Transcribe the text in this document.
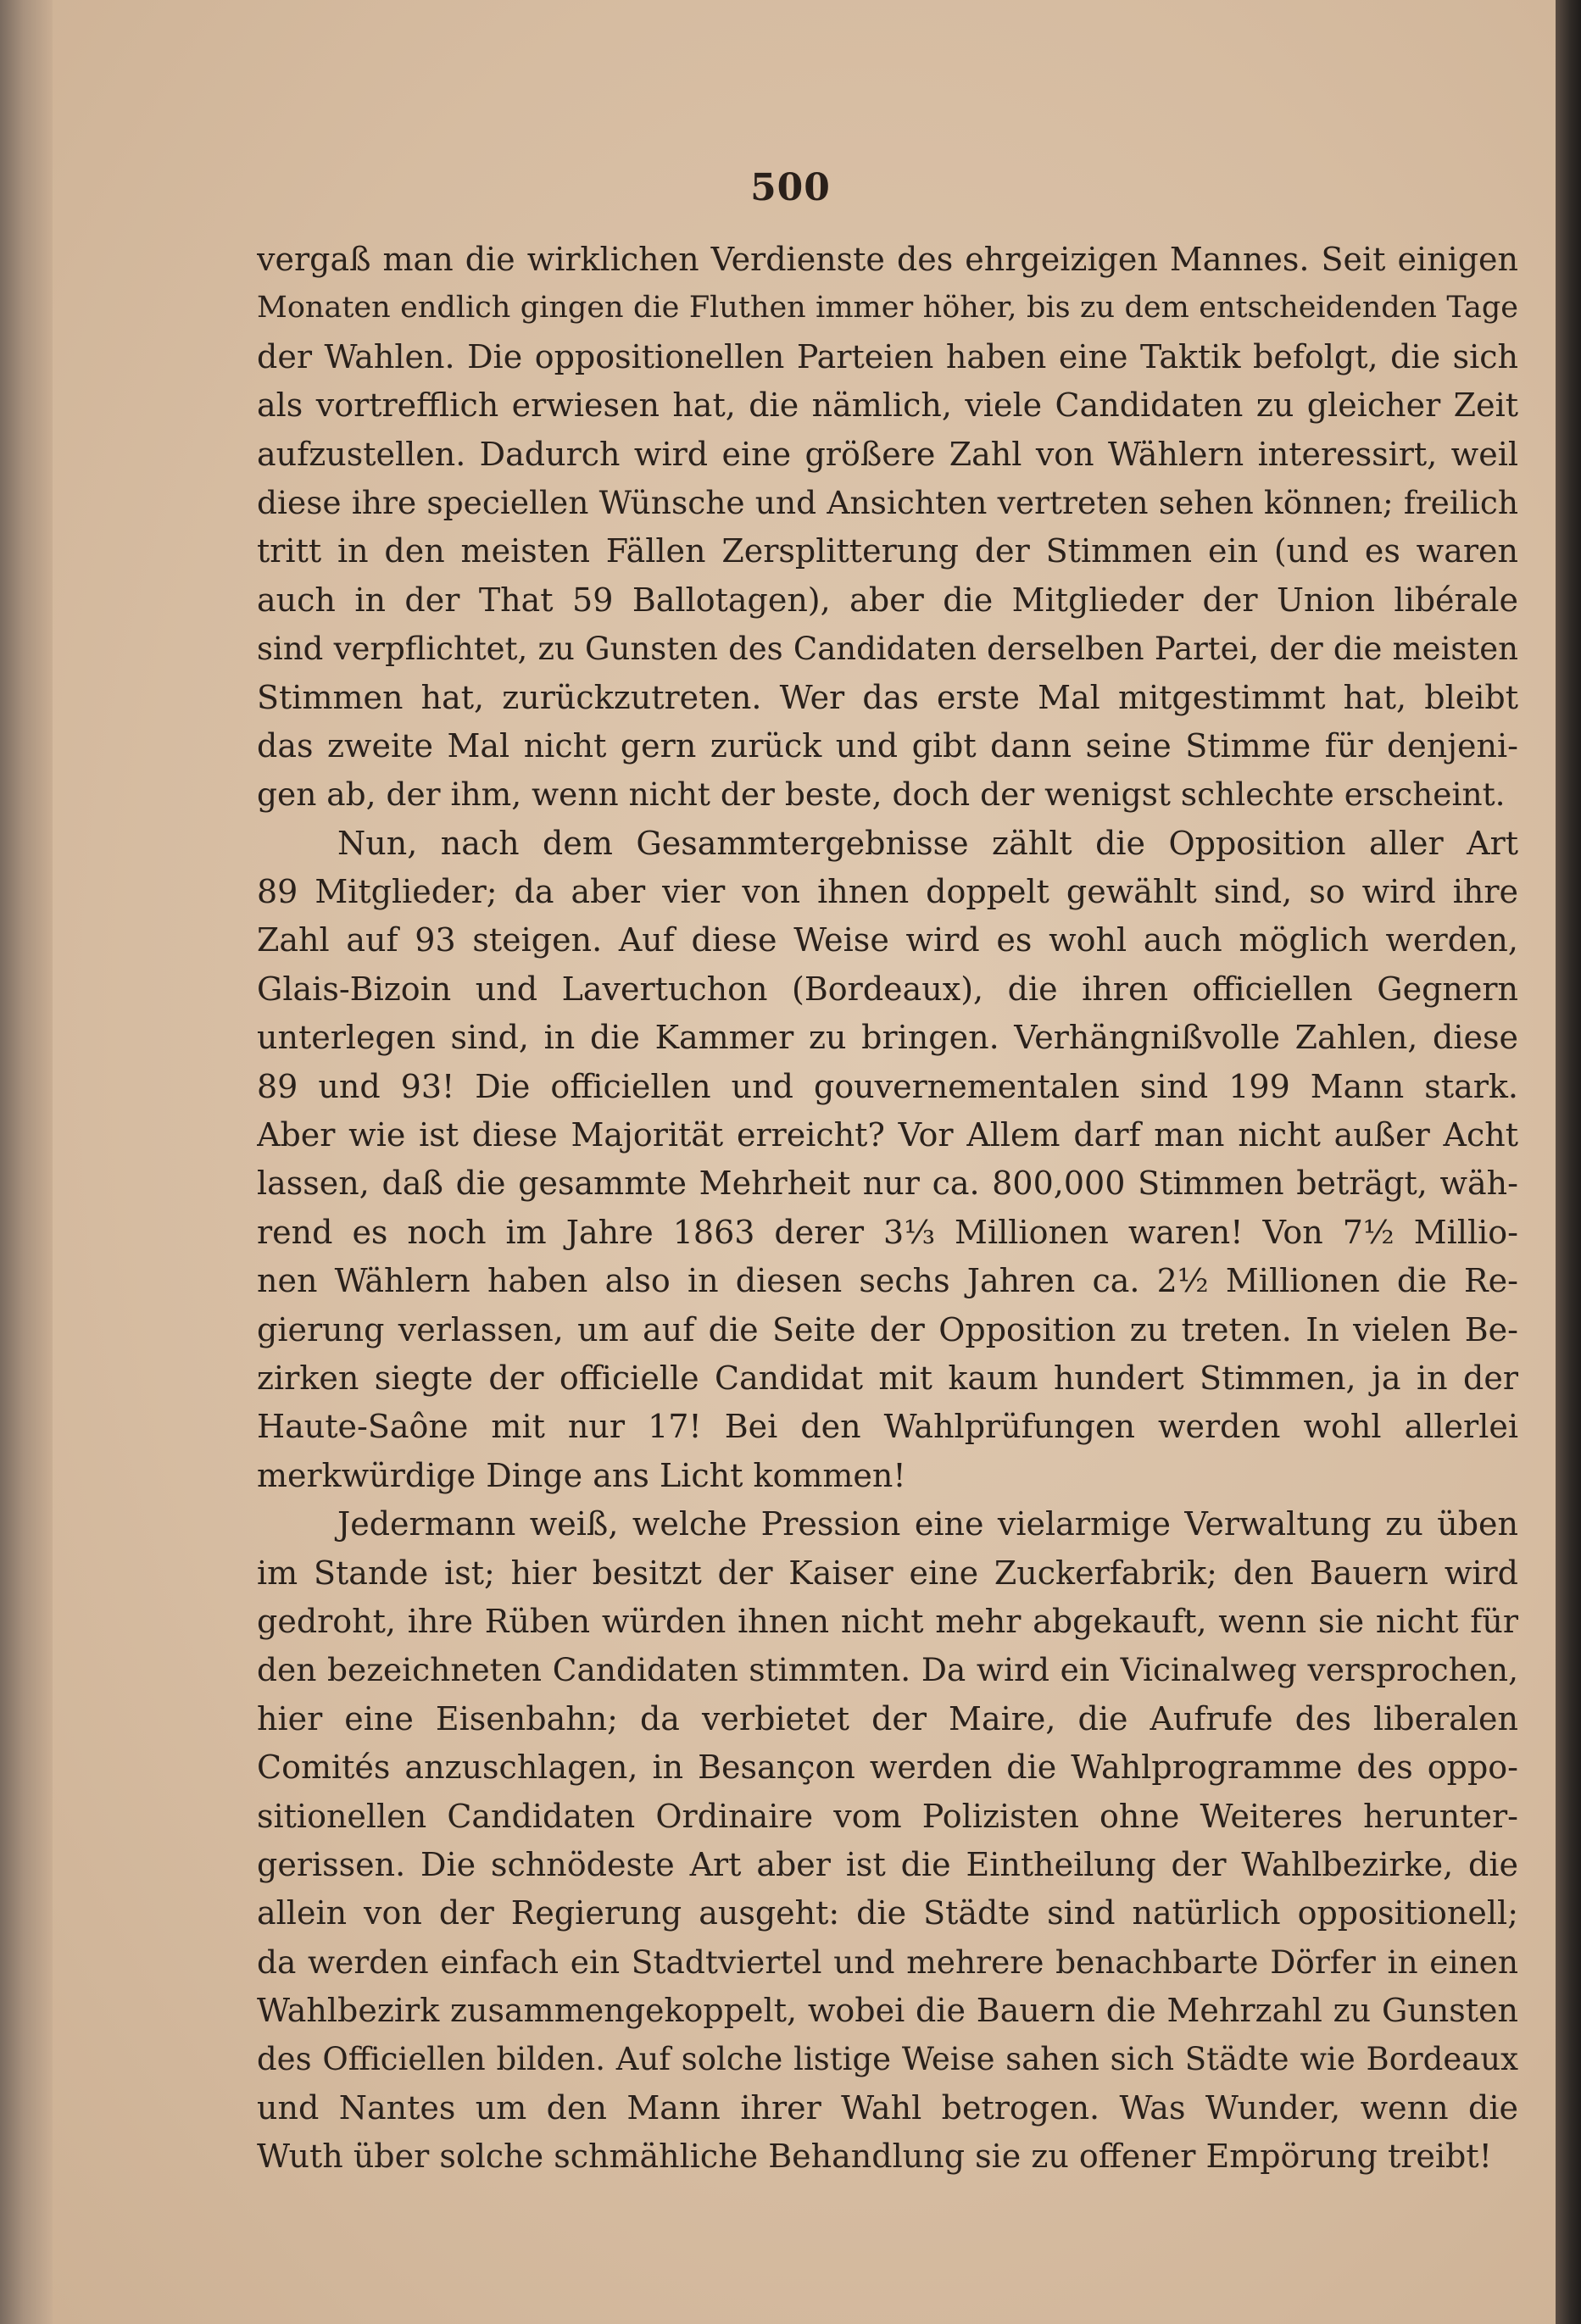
500
vergaß man die wirklichen Verdienste des ehrgeizigen Mannes. Seit einigen
Monaten endlich gingen die Fluthen immer höher, bis zu dem entscheidenden Tage
der Wahlen. Die oppositionellen Parteien haben eine Taktik befolgt, die sich
als vortrefflich erwiesen hat, die nämlich, viele Candidaten zu gleicher Zeit
aufzustellen. Dadurch wird eine größere Zahl von Wählern interessirt, weil
diese ihre speciellen Wünsche und Ansichten vertreten sehen können; freilich
tritt in den meisten Fällen Zersplitterung der Stimmen ein (und es waren
auch in der That 59 Ballotagen), aber die Mitglieder der Union libérale
sind verpflichtet, zu Gunsten des Candidaten derselben Partei, der die meisten
Stimmen hat, zurückzutreten. Wer das erste Mal mitgestimmt hat, bleibt
das zweite Mal nicht gern zurück und gibt dann seine Stimme für denjeni-
gen ab, der ihm, wenn nicht der beste, doch der wenigst schlechte erscheint.
Nun, nach dem Gesammtergebnisse zählt die Opposition aller Art
89 Mitglieder; da aber vier von ihnen doppelt gewählt sind, so wird ihre
Zahl auf 93 steigen. Auf diese Weise wird es wohl auch möglich werden,
Glais-Bizoin und Lavertuchon (Bordeaux), die ihren officiellen Gegnern
unterlegen sind, in die Kammer zu bringen. Verhängnißvolle Zahlen, diese
89 und 93! Die officiellen und gouvernementalen sind 199 Mann stark.
Aber wie ist diese Majorität erreicht? Vor Allem darf man nicht außer Acht
lassen, daß die gesammte Mehrheit nur ca. 800,000 Stimmen beträgt, wäh-
rend es noch im Jahre 1863 derer 3⅓ Millionen waren! Von 7½ Millio-
nen Wählern haben also in diesen sechs Jahren ca. 2½ Millionen die Re-
gierung verlassen, um auf die Seite der Opposition zu treten. In vielen Be-
zirken siegte der officielle Candidat mit kaum hundert Stimmen, ja in der
Haute-Saône mit nur 17! Bei den Wahlprüfungen werden wohl allerlei
merkwürdige Dinge ans Licht kommen!
Jedermann weiß, welche Pression eine vielarmige Verwaltung zu üben
im Stande ist; hier besitzt der Kaiser eine Zuckerfabrik; den Bauern wird
gedroht, ihre Rüben würden ihnen nicht mehr abgekauft, wenn sie nicht für
den bezeichneten Candidaten stimmten. Da wird ein Vicinalweg versprochen,
hier eine Eisenbahn; da verbietet der Maire, die Aufrufe des liberalen
Comités anzuschlagen, in Besançon werden die Wahlprogramme des oppo-
sitionellen Candidaten Ordinaire vom Polizisten ohne Weiteres herunter-
gerissen. Die schnödeste Art aber ist die Eintheilung der Wahlbezirke, die
allein von der Regierung ausgeht: die Städte sind natürlich oppositionell;
da werden einfach ein Stadtviertel und mehrere benachbarte Dörfer in einen
Wahlbezirk zusammengekoppelt, wobei die Bauern die Mehrzahl zu Gunsten
des Officiellen bilden. Auf solche listige Weise sahen sich Städte wie Bordeaux
und Nantes um den Mann ihrer Wahl betrogen. Was Wunder, wenn die
Wuth über solche schmähliche Behandlung sie zu offener Empörung treibt!
